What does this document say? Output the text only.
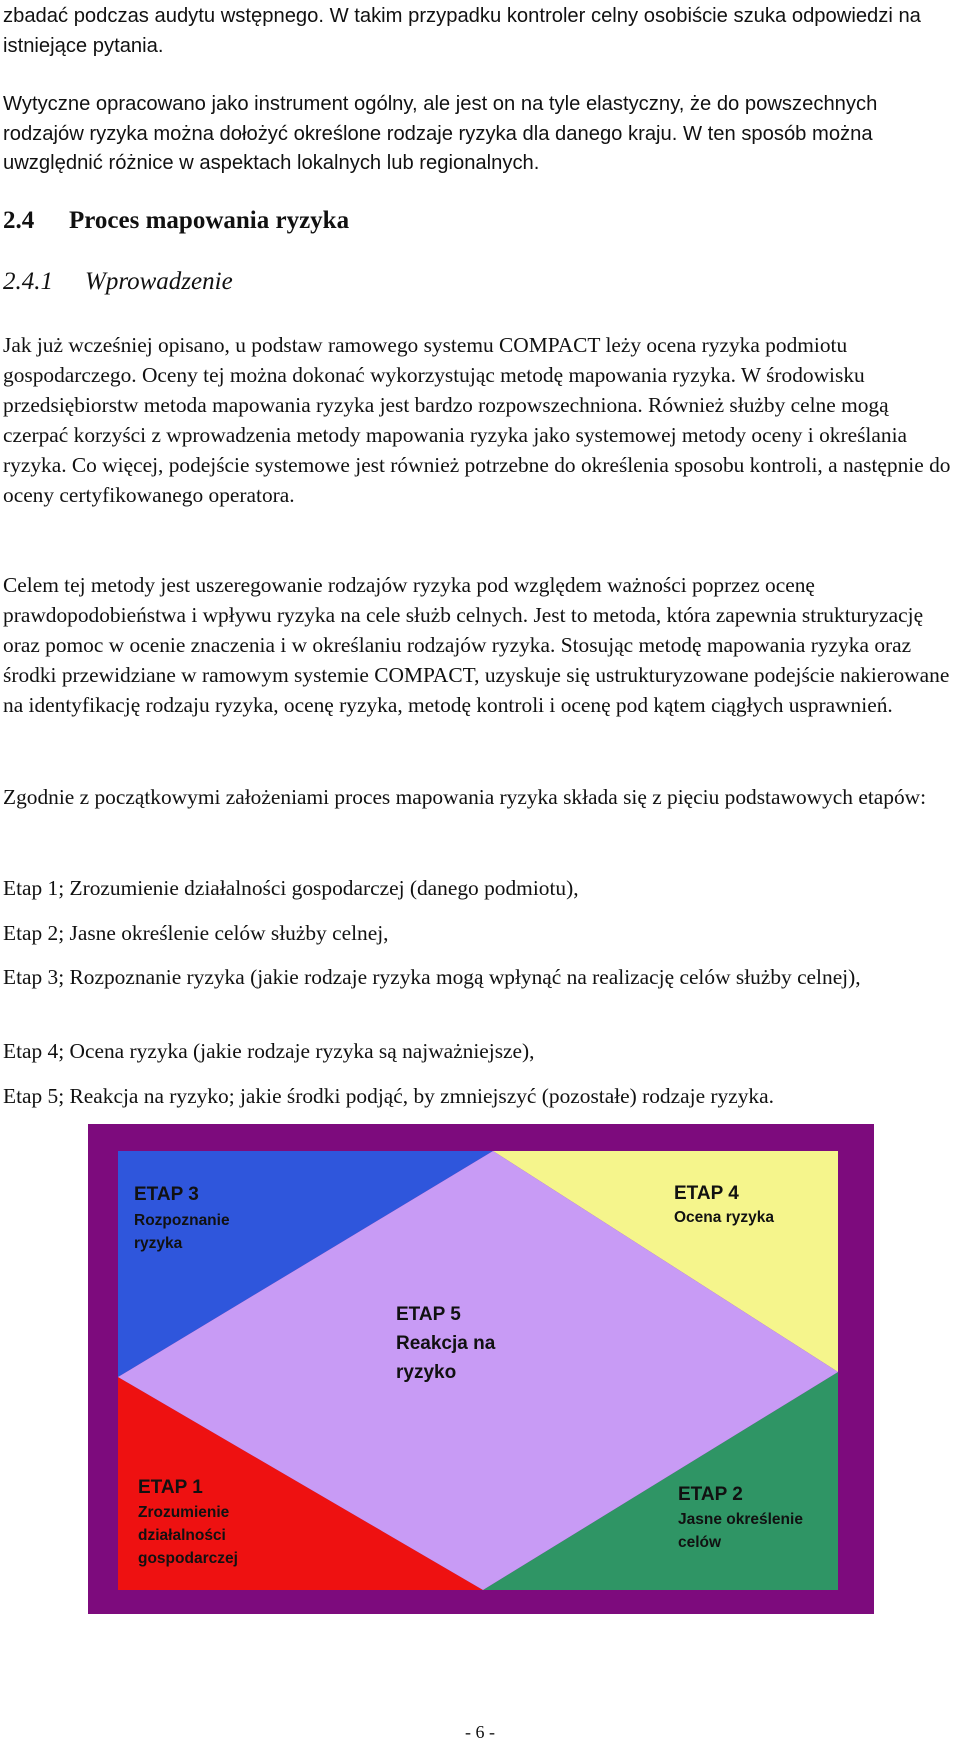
zbadać podczas audytu wstępnego. W takim przypadku kontroler celny osobiście szuka odpowiedzi na istniejące pytania.

Wytyczne opracowano jako instrument ogólny, ale jest on na tyle elastyczny, że do powszechnych rodzajów ryzyka można dołożyć określone rodzaje ryzyka dla danego kraju. W ten sposób można uwzględnić różnice w aspektach lokalnych lub regionalnych.

2.4 Proces mapowania ryzyka
2.4.1 Wprowadzenie

Jak już wcześniej opisano, u podstaw ramowego systemu COMPACT leży ocena ryzyka podmiotu gospodarczego. Oceny tej można dokonać wykorzystując metodę mapowania ryzyka. W środowisku przedsiębiorstw metoda mapowania ryzyka jest bardzo rozpowszechniona. Również służby celne mogą czerpać korzyści z wprowadzenia metody mapowania ryzyka jako systemowej metody oceny i określania ryzyka. Co więcej, podejście systemowe jest również potrzebne do określenia sposobu kontroli, a następnie do oceny certyfikowanego operatora.

Celem tej metody jest uszeregowanie rodzajów ryzyka pod względem ważności poprzez ocenę prawdopodobieństwa i wpływu ryzyka na cele służb celnych. Jest to metoda, która zapewnia strukturyzację oraz pomoc w ocenie znaczenia i w określaniu rodzajów ryzyka. Stosując metodę mapowania ryzyka oraz środki przewidziane w ramowym systemie COMPACT, uzyskuje się ustrukturyzowane podejście nakierowane na identyfikację rodzaju ryzyka, ocenę ryzyka, metodę kontroli i ocenę pod kątem ciągłych usprawnień.

Zgodnie z początkowymi założeniami proces mapowania ryzyka składa się z pięciu podstawowych etapów:

Etap 1; Zrozumienie działalności gospodarczej (danego podmiotu),

Etap 2; Jasne określenie celów służby celnej,

Etap 3; Rozpoznanie ryzyka (jakie rodzaje ryzyka mogą wpłynąć na realizację celów służby celnej),

Etap 4; Ocena ryzyka (jakie rodzaje ryzyka są najważniejsze),

Etap 5; Reakcja na ryzyko; jakie środki podjąć, by zmniejszyć (pozostałe) rodzaje ryzyka.

ETAP 3
Rozpoznanie
ryzyka
ETAP 4
Ocena ryzyka
ETAP 5
Reakcja na
ryzyko
ETAP 1
Zrozumienie
działalności
gospodarczej
ETAP 2
Jasne określenie
celów
- 6 -
